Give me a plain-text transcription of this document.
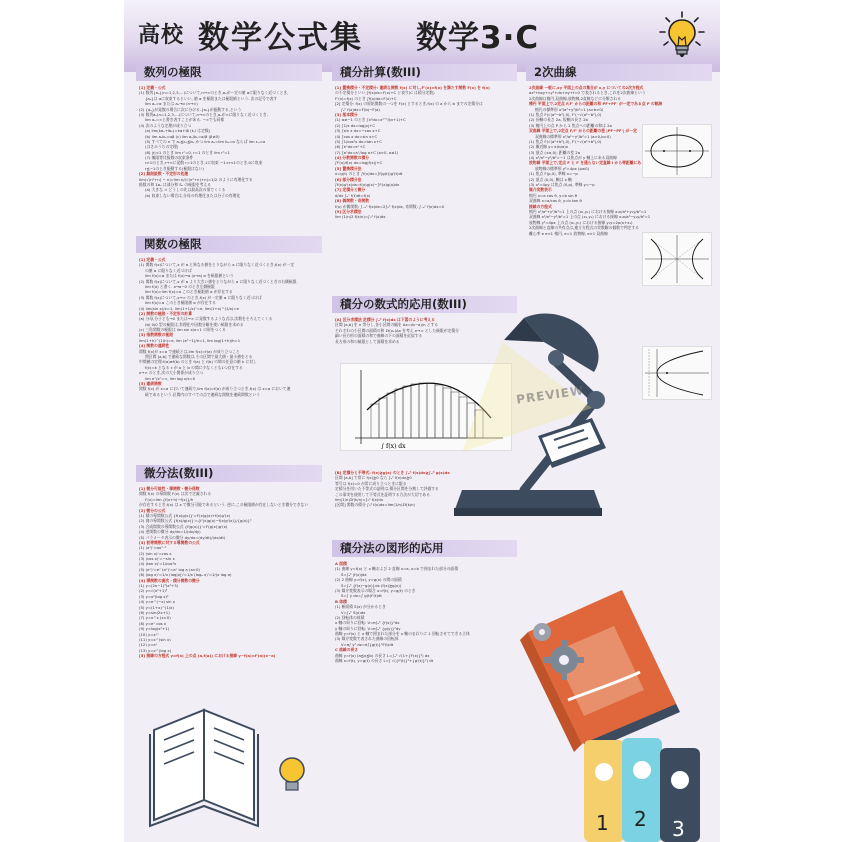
高校 数学公式集 数学3·C
数列の極限
[1] 定義・公式
(1) 数列{aₙ}(n=1,2,3,…)について,n→∞のとき,aₙがー定の値 αに限りなく近づくとき,
{aₙ}は αに収束するといい, 値 α を極限または極限値という. 次の記号で表す
lim aₙ=α または aₙ→α (n→∞)
(2) {aₙ}が発散の場合に次に分ける.{aₙ}が振動する,という
(3) 数列aₙ(n=1,2,3,…)について,n→∞のとき,aₙが∞に限りなく近づくとき,
lim aₙ=∞と書き表すことがある. −∞でも同様
(4) 次のような定理が成り立つ
(a) lim(kaₙ+lbₙ)=kα+lβ (k,l は定数)
(b) lim aₙbₙ=αβ (c) lim aₙ/bₙ=α/β (β≠0)
(5) すべての n で aₙ≦cₙ≦bₙ かつ lim aₙ=lim bₙ=α ならば lim cₙ=α
(はさみうちの定理)
(6) |r|<1 のとき lim rⁿ=0, r=1 のとき lim rⁿ=1
(7) 無限等比級数の収束条件
r>1のとき,r→∞に発散 r=1のとき,1に収束 −1<r<1のとき,0に収束
r≦−1のとき振動する(極限はない)
[2] 無限級数・不定形の処理
lim(√(n²+n) − n)=lim n/(√(n²+n)+n)=1/2 のように有理化する
級数の和 Σaₙ は部分和 Sₙ の極限を考える
(a) 大きな ∞ どうしの比は最高次の項でくくる
(b) 収束しない場合は,分母の有理化または分子の有理化
関数の極限
[1] 定義・公式
(1) 関数 f(x)について,x が a と異なる値をとりながら a に限りなく近づくとき,f(x) が一定
の値 α に限りなく近づけば
lim f(x)=α または f(x)→α (x→a) α を極限値という
(2) 関数 f(x)について,x が a より大きい値をとりながら a に限りなく近づくときの右側極限
lim f(x) と書く. x→a−0 のとき左側極限
lim f(x)=lim f(x)=α このとき極限値 α が存在する
(3) 関数 f(x)について,x→∞ のとき,f(x) が一定値 α に限りなく近づけば
lim f(x)=α このとき極限値 α が存在する
(4) lim(sin x)/x=1, lim(1+1/x)ˣ=e, lim(1+x)^(1/x)=e
[2] 関数の極限・不定形の計算
(a) 分母,分子とも→0 または→∞ に発散するような式は,次数をそろえてくくる
(b) 0/0 型の極限は,有理化や因数分解を使い極限を求める
(c) 三角関数の極限は lim sin x/x=1 の形をつくる
[3] 指数関数の極限
lim(1+h)^(1/h)=e, lim (eʰ−1)/h=1, lim log(1+h)/h=1
[4] 関数の連続性
関数 f(x)が x=a で連続とは,lim f(x)=f(a) が成り立つこと
閉区間 [a,b] で連続な関数は,その区間で最大値・最小値をとる
中間値の定理:f(a)≠f(b) のとき f(a) と f(b) の間の任意の値 k に対し
f(c)=k となる c が a と b の間に少なくとも1つ存在する
x→∞ のとき,次の大小関係が成り立つ
lim eˣ/xⁿ=∞, lim log x/x=0
[5] 連続関数
関数 f(x) が x=a において連続で,lim f(x)=f(a) が成り立つとき,f(x) は x=a において連
続であるという.区間内のすべての点で連続な関数を連続関数という
微分法(数III)
[1] 微分可能性・導関数・微分係数
関数 f(x) の導関数 f'(x) は次で定義される
f'(x)=lim {f(x+h)−f(x)}/h
が存在するとき,f(x) は x で微分可能であるという. 逆に,この極限値が存在しないとき微分できない
[2] 微分の公式
(1) 積の導関数公式 {f(x)g(x)}'=f'(x)g(x)+f(x)g'(x)
(2) 商の導関数公式 {f(x)/g(x)}'={f'(x)g(x)−f(x)g'(x)}/{g(x)}²
(3) 合成関数の導関数公式 {f(g(x))}'=f'(g(x))g'(x)
(4) 逆関数の微分 dy/dx=1/(dx/dy)
(5) パラメータ表示の微分 dy/dx=(dy/dt)/(dx/dt)
[3] 初等関数に対する導関数の公式
(1) (xᵅ)'=αxᵅ⁻¹
(2) (sin x)'=cos x
(3) (cos x)'=−sin x
(4) (tan x)'=1/cos²x
(5) (eˣ)'=eˣ (aˣ)'=aˣ log a (a>0)
(6) (log x)'=1/x (log|x|)'=1/x (logₐ x)'=1/(x log a)
[4] 導関数の高次・積分関数の微分
(1) y=(2x−1)³(x²+3)
(2) y=√(x²+1)³
(3) y=x²(log x)²
(4) y=e^(−x) sin x
(5) y=(1+x)^(1/x)
(6) y=sin(2x+1)
(7) y=x^x (x>0)
(8) y=eˣ cos x
(9) y=log(x²+1)
(10) y=xˣˣ
(11) y=x^(sin x)
(12) y=eˣ
(13) y=x^(log x)
[5] 接線の方程式 y=f(x) 上の点 (a,f(a)) における接線 y−f(a)=f'(a)(x−a)
積分計算(数III)
[1] 置換積分・不定積分: 連続な関数 f(x) に対し,F'(x)=f(x) を満たす関数 F(x) を f(x)
の不定積分といい,∫f(x)dx=F(x)+C と表す(C は積分定数)
F'(x)=f(x) のとき ∫f(x)dx=F(x)+C
[2] 定積分: f(x) の原始関数の一つを F(x) とするとき,f(x) の a から b までの定積分は
∫ₐᵇ f(x)dx=F(b)−F(a)
[3] 基本積分
(1) α≠−1 のとき ∫xᵅdx=xᵅ⁺¹/(α+1)+C
(2) ∫1/x dx=log|x|+C
(3) ∫sin x dx=−cos x+C
(4) ∫cos x dx=sin x+C
(5) ∫1/cos²x dx=tan x+C
(6) ∫eˣdx=eˣ+C
(7) ∫aˣdx=aˣ/log a+C (a>0, a≠1)
[4] 分数関数の積分
∫f'(x)/f(x) dx=log|f(x)|+C
[5] 置換積分法
x=g(t) のとき ∫f(x)dx=∫f(g(t))g'(t)dt
[6] 部分積分法
∫f(x)g'(x)dx=f(x)g(x)−∫f'(x)g(x)dx
[7] 定積分と微分
d/dx ∫ₐˣ f(t)dt=f(x)
[8] 偶関数・奇関数
f(x) が偶関数: ∫₋ₐᵃ f(x)dx=2∫₀ᵃ f(x)dx, 奇関数: ∫₋ₐᵃ f(x)dx=0
[9] 区分求積法
lim (1/n)Σ f(k/n)=∫₀¹ f(x)dx
積分の数式的応用(数III)
[A] 区分求積法 定積分 ∫ₐᵇ f(x)dx は下図のように考える
区間 [a,b] を n 等分し,各小区間の幅を Δx=(b−a)/n とする
それぞれの小区間の面積の和 Σf(xₖ)Δx を考え,n→∞ とした極限が定積分
細い長方形の面積の和で曲線の下の面積を近似する
長方形の和の極限として面積を求める
∫ f(x) dx
[B] 定積分と不等式: f(x)≧g(x) のとき ∫ₐᵇ f(x)dx≧∫ₐᵇ g(x)dx
区間 [a,b] で常に f(x)≧0 なら ∫ₐᵇ f(x)dx≧0
等号は f(x)=0 が常に成り立つときに限る
定積分を用いた不等式の証明は,積分区間を分割して評価する
この事実を使用して不等式を証明する方法が大切である
lim(1/n)Σf(k/n)=∫₀¹ f(x)dx
[区間] 関数の積分 ∫₀¹ f(x)dx=lim(1/n)Σf(k/n)
積分法の図形的応用
A 面積
(1) 曲線 y=f(x) と x 軸および 2 直線 x=a, x=b で囲まれた部分の面積
S=∫ₐᵇ |f(x)|dx
(2) 2 曲線 y=f(x), y=g(x) の間の面積
S=∫ₐᵇ {f(x)−g(x)}dx (f(x)≧g(x))
(3) 媒介変数表示の場合 x=f(t), y=g(t) のとき
S=∫ y dx=∫ g(t)f'(t)dt
B 体積
(1) 断面積 S(x) が分かるとき
V=∫ₐᵇ S(x)dx
(2) 回転体の体積
x 軸の周りに回転: V=π∫ₐᵇ {f(x)}²dx
y 軸の周りに回転: V=π∫ₐᵇ {g(y)}²dy
曲線 y=f(x) と x 軸で囲まれた部分を x 軸のまわりに 1 回転させてできる立体
(3) 媒介変数で表された曲線の回転体
V=π∫ y² dx=π∫{g(t)}²f'(t)dt
C 曲線の長さ
曲線 y=f(x) (a≦x≦b) の長さ L=∫ₐᵇ √(1+{f'(x)}²) dx
曲線 x=f(t), y=g(t) の長さ L=∫ √({f'(t)}²+{g'(t)}²) dt
2次曲線
2次曲線 一般に,xy 平面上の点の集合が x,y についての2次方程式
ax²+bxy+cy²+dx+ey+f=0 で表されるとき,これを2次曲線という
2次曲線は楕円,双曲線,放物線,2直線などに分類される
楕円 平面上で,2定点 F,F' からの距離の和 PF+PF' が一定である点 P の軌跡
楕円の標準形 x²/a²+y²/b²=1 (a>b>0)
(1) 焦点 F(√(a²−b²),0), F'(−√(a²−b²),0)
(2) 長軸の長さ 2a, 短軸の長さ 2b
(3) 楕円上の点 P から 2 焦点への距離の和は 2a
双曲線 平面上で,2定点 F,F' からの距離の差 |PF−PF'| が一定
双曲線の標準形 x²/a²−y²/b²=1 (a>0,b>0)
(1) 焦点 F(√(a²+b²),0), F'(−√(a²+b²),0)
(2) 漸近線 y=±(b/a)x
(3) 頂点 (±a,0), 距離の差 2a
(4) x²/a²−y²/b²=−1 は焦点が y 軸上にある双曲線
放物線 平面上で,定点 F と F を通らない定直線 l から等距離にある点 P の軌跡
放物線の標準形 y²=4px (p≠0)
(1) 焦点 F(p,0), 準線 x=−p
(2) 頂点 (0,0), 軸は x 軸
(3) x²=4py は焦点 (0,p), 準線 y=−p
媒介変数表示
楕円 x=a cos θ, y=b sin θ
双曲線 x=a/cos θ, y=b tan θ
接線の方程式
楕円 x²/a²+y²/b²=1 上の点 (x₁,y₁) における接線 x₁x/a²+y₁y/b²=1
双曲線 x²/a²−y²/b²=1 上の点 (x₁,y₁) における接線 x₁x/a²−y₁y/b²=1
放物線 y²=4px 上の点 (x₁,y₁) における接線 y₁y=2p(x+x₁)
2次曲線と直線の共有点は,連立方程式の実数解の個数で判定する
離心率 e e<1 楕円, e=1 放物線, e>1 双曲線
1 2 3
PREVIEW
